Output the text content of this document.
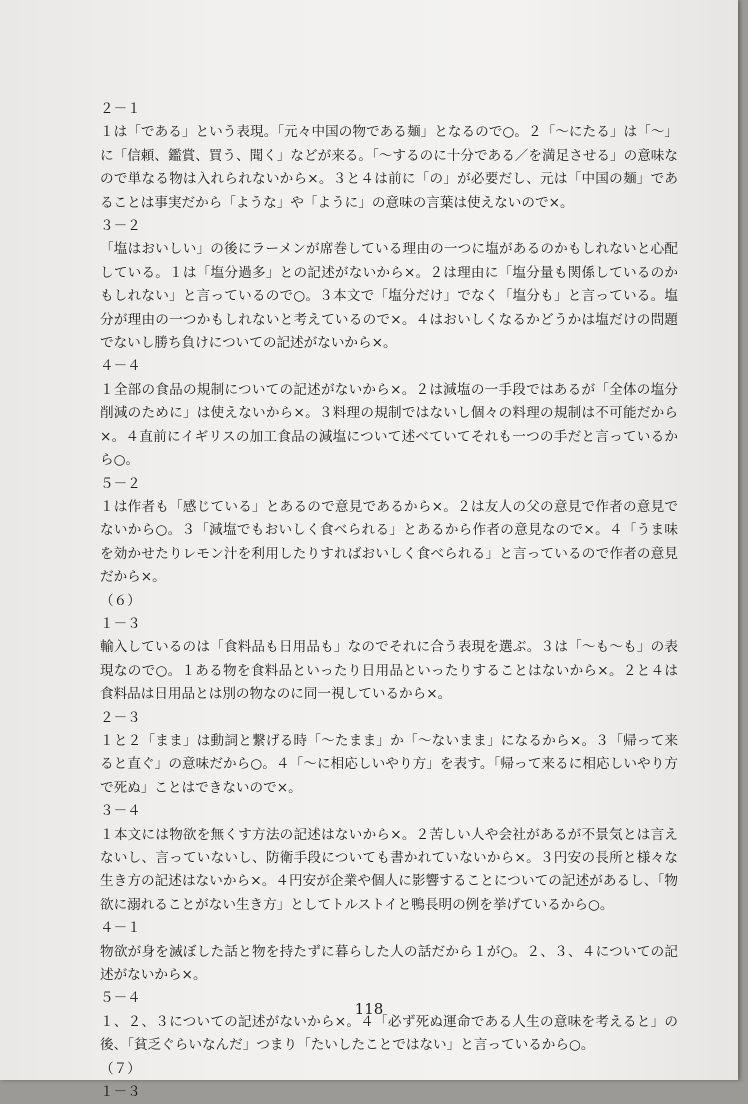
２－１

１は「である」という表現。「元々中国の物である麺」となるので○。２「～にたる」は「～」に「信頼、鑑賞、買う、聞く」などが来る。「～するのに十分である／を満足させる」の意味なので単なる物は入れられないから×。３と４は前に「の」が必要だし、元は「中国の麺」であることは事実だから「ような」や「ように」の意味の言葉は使えないので×。

３－２

「塩はおいしい」の後にラーメンが席巻している理由の一つに塩があるのかもしれないと心配している。１は「塩分過多」との記述がないから×。２は理由に「塩分量も関係しているのかもしれない」と言っているので○。３本文で「塩分だけ」でなく「塩分も」と言っている。塩分が理由の一つかもしれないと考えているので×。４はおいしくなるかどうかは塩だけの問題でないし勝ち負けについての記述がないから×。

４－４

１全部の食品の規制についての記述がないから×。２は減塩の一手段ではあるが「全体の塩分削減のために」は使えないから×。３料理の規制ではないし個々の料理の規制は不可能だから×。４直前にイギリスの加工食品の減塩について述べていてそれも一つの手だと言っているから○。

５－２

１は作者も「感じている」とあるので意見であるから×。２は友人の父の意見で作者の意見でないから○。３「減塩でもおいしく食べられる」とあるから作者の意見なので×。４「うま味を効かせたりレモン汁を利用したりすればおいしく食べられる」と言っているので作者の意見だから×。

（６）

１－３

輸入しているのは「食料品も日用品も」なのでそれに合う表現を選ぶ。３は「～も～も」の表現なので○。１ある物を食料品といったり日用品といったりすることはないから×。２と４は食料品は日用品とは別の物なのに同一視しているから×。

２－３

１と２「まま」は動詞と繋げる時「～たまま」か「～ないまま」になるから×。３「帰って来ると直ぐ」の意味だから○。４「～に相応しいやり方」を表す。「帰って来るに相応しいやり方で死ぬ」ことはできないので×。

３－４

１本文には物欲を無くす方法の記述はないから×。２苦しい人や会社があるが不景気とは言えないし、言っていないし、防衛手段についても書かれていないから×。３円安の長所と様々な生き方の記述はないから×。４円安が企業や個人に影響することについての記述があるし、「物欲に溺れることがない生き方」としてトルストイと鴨長明の例を挙げているから○。

４－１

物欲が身を滅ぼした話と物を持たずに暮らした人の話だから１が○。２、３、４についての記述がないから×。

５－４

１、２、３についての記述がないから×。４「必ず死ぬ運命である人生の意味を考えると」の後、「貧乏ぐらいなんだ」つまり「たいしたことではない」と言っているから○。

（７）

１－３

118
